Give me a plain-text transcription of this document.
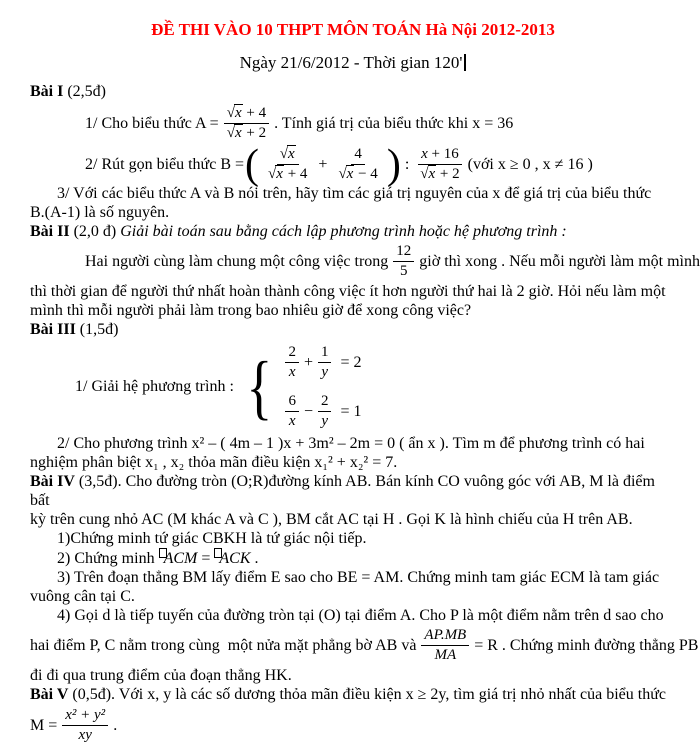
ĐỀ THI VÀO 10 THPT MÔN TOÁN Hà Nội 2012-2013
Ngày 21/6/2012 - Thời gian 120'
Bài I (2,5đ)
1/ Cho biểu thức $A = \frac{√x + 4}{√x + 2}$ . Tính giá trị của biểu thức khi x = 36
2/ Rút gọn biểu thức B = ( $\frac{√x}{√x + 4} + \frac{4}{√x - 4}$ ) : $\frac{x + 16}{√x + 2}$ (với x ≥ 0 , x ≠ 16 )
3/ Với các biểu thức A và B nói trên, hãy tìm các giá trị nguyên của x để giá trị của biểu thức
B.(A-1) là số nguyên.
Bài II (2,0 đ) Giải bài toán sau bằng cách lập phương trình hoặc hệ phương trình :
Hai người cùng làm chung một công việc trong $\frac{12}{5}$ giờ thì xong . Nếu mỗi người làm một mình
thì thời gian để người thứ nhất hoàn thành công việc ít hơn người thứ hai là 2 giờ. Hỏi nếu làm một
mình thì mỗi người phải làm trong bao nhiêu giờ để xong công việc?
Bài III (1,5đ)
1/ Giải hệ phương trình : { $\frac{2}{x} + \frac{1}{y} = 2$
$\frac{6}{x} - \frac{2}{y} = 1$
2/ Cho phương trình x² – ( 4m – 1 )x + 3m² – 2m = 0 ( ẩn x ). Tìm m để phương trình có hai
nghiệm phân biệt x₁ , x₂ thỏa mãn điều kiện x₁² + x₂² = 7.
Bài IV (3,5đ). Cho đường tròn (O;R)đường kính AB. Bán kính CO vuông góc với AB, M là điểm bất
kỳ trên cung nhỏ AC (M khác A và C ), BM cắt AC tại H . Gọi K là hình chiếu của H trên AB.
1)Chứng minh tứ giác CBKH là tứ giác nội tiếp.
2) Chứng minh ACM = ACK .
3) Trên đoạn thẳng BM lấy điểm E sao cho BE = AM. Chứng minh tam giác ECM là tam giác
vuông cân tại C.
4) Gọi d là tiếp tuyến của đường tròn tại (O) tại điểm A. Cho P là một điểm nằm trên d sao cho
hai điểm P, C nằm trong cùng  một nửa mặt phẳng bờ AB và $\frac{AP.MB}{MA} = R$ . Chứng minh đường thẳng PB
đi đi qua trung điểm của đoạn thẳng HK.
Bài V (0,5đ). Với x, y là các số dương thỏa mãn điều kiện x ≥ 2y, tìm giá trị nhỏ nhất của biểu thức
$M = \frac{\text{x² + y²}}{xy}$ .
